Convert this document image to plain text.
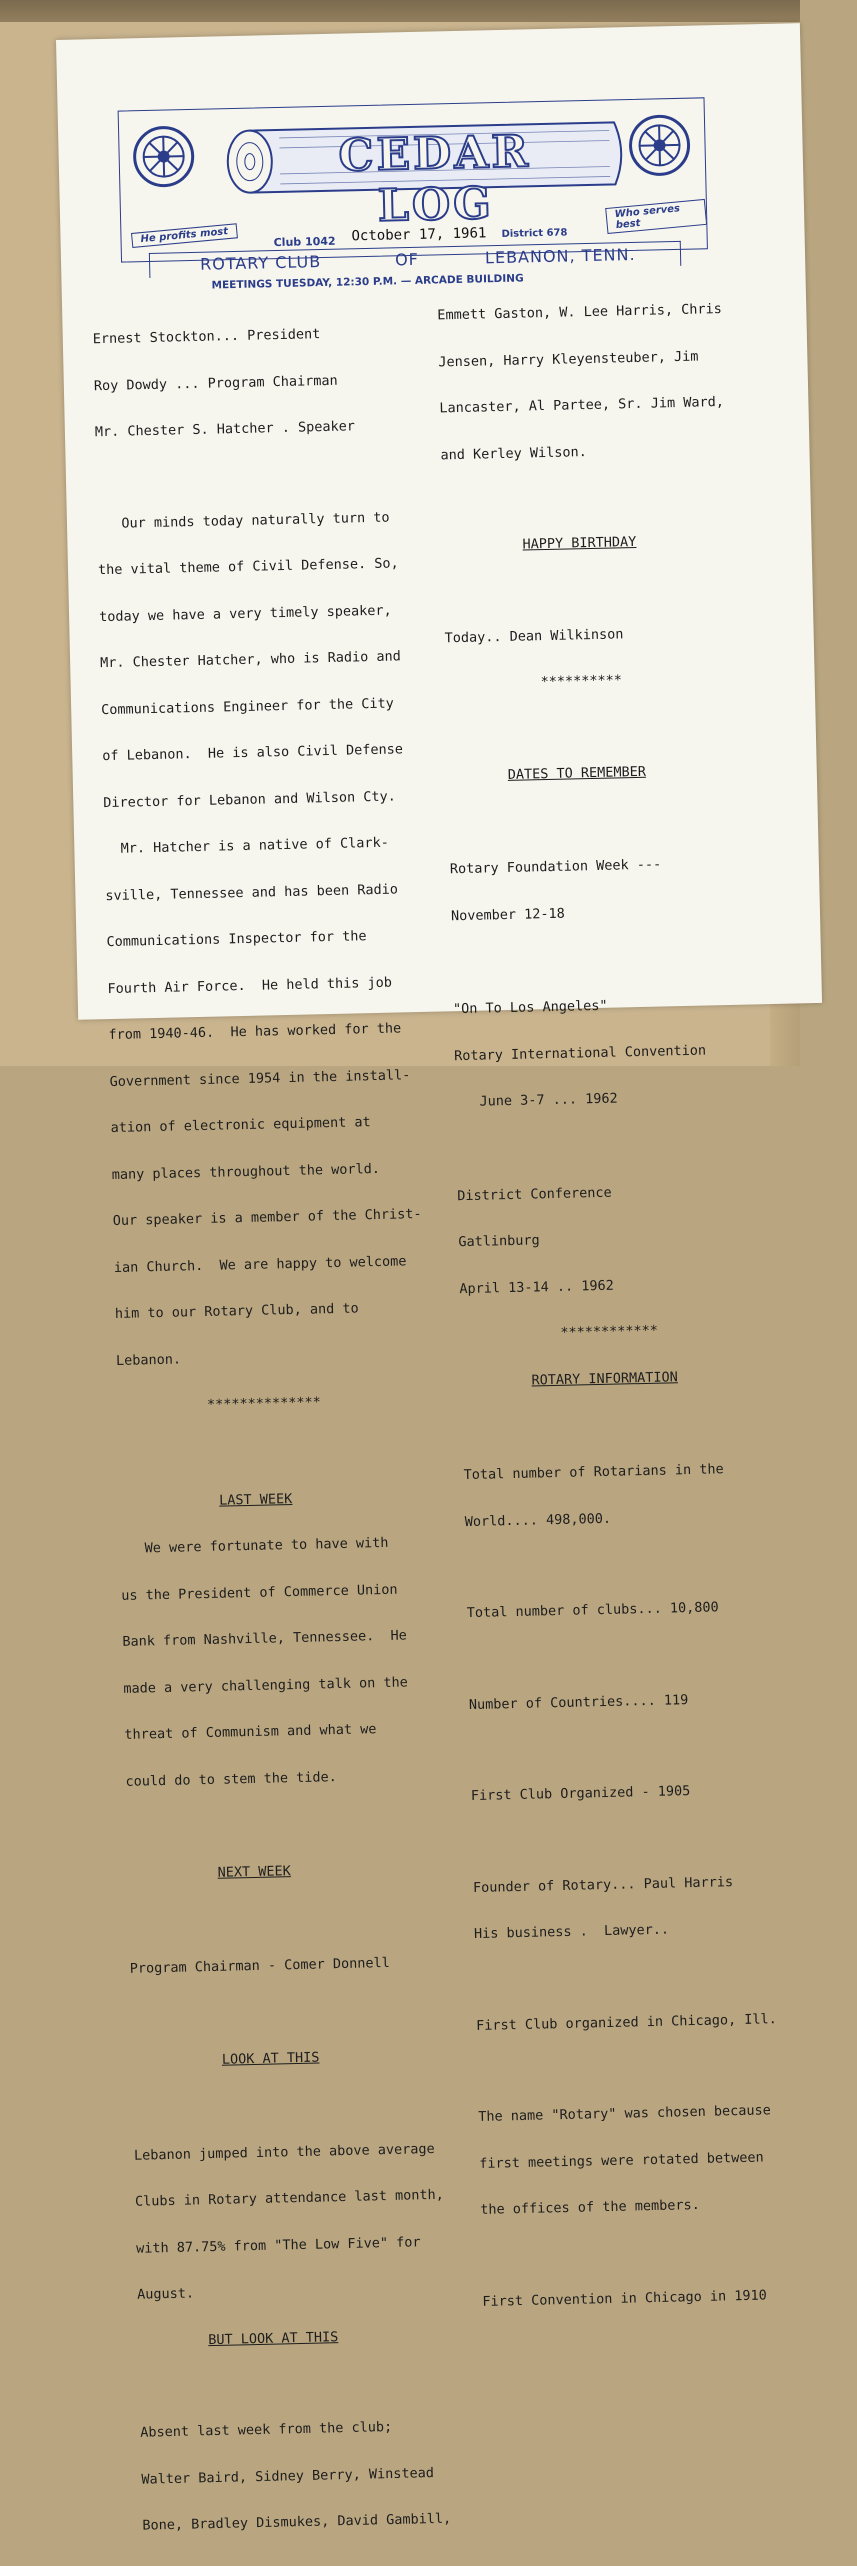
CEDAR LOG
He profits most
Who serves best
Club 1042 October 17, 1961 District 678
ROTARY CLUB	OF	LEBANON, TENN.
MEETINGS TUESDAY, 12:30 P.M. — ARCADE BUILDING

Ernest Stockton... President

Roy Dowdy ... Program Chairman

Mr. Chester S. Hatcher . Speaker

Our minds today naturally turn to

the vital theme of Civil Defense. So,

today we have a very timely speaker,

Mr. Chester Hatcher, who is Radio and

Communications Engineer for the City

of Lebanon.  He is also Civil Defense

Director for Lebanon and Wilson Cty.

Mr. Hatcher is a native of Clark-

sville, Tennessee and has been Radio

Communications Inspector for the

Fourth Air Force.  He held this job

from 1940-46.  He has worked for the

Government since 1954 in the install-

ation of electronic equipment at

many places throughout the world.

Our speaker is a member of the Christ-

ian Church.  We are happy to welcome

him to our Rotary Club, and to

Lebanon.

**************

LAST WEEK

We were fortunate to have with

us the President of Commerce Union

Bank from Nashville, Tennessee.  He

made a very challenging talk on the

threat of Communism and what we

could do to stem the tide.

NEXT WEEK

Program Chairman - Comer Donnell

LOOK AT THIS

Lebanon jumped into the above average

Clubs in Rotary attendance last month,

with 87.75% from "The Low Five" for

August.

BUT LOOK AT THIS

Absent last week from the club;

Walter Baird, Sidney Berry, Winstead

Bone, Bradley Dismukes, David Gambill,

Emmett Gaston, W. Lee Harris, Chris

Jensen, Harry Kleyensteuber, Jim

Lancaster, Al Partee, Sr. Jim Ward,

and Kerley Wilson.

HAPPY BIRTHDAY

Today.. Dean Wilkinson

**********

DATES TO REMEMBER

Rotary Foundation Week ---

November 12-18

"On To Los Angeles"

Rotary International Convention

June 3-7 ... 1962

District Conference

Gatlinburg

April 13-14 .. 1962

************

ROTARY INFORMATION

Total number of Rotarians in the

World.... 498,000.

Total number of clubs... 10,800

Number of Countries.... 119

First Club Organized - 1905

Founder of Rotary... Paul Harris

His business .  Lawyer..

First Club organized in Chicago, Ill.

The name "Rotary" was chosen because

first meetings were rotated between

the offices of the members.

First Convention in Chicago in 1910
